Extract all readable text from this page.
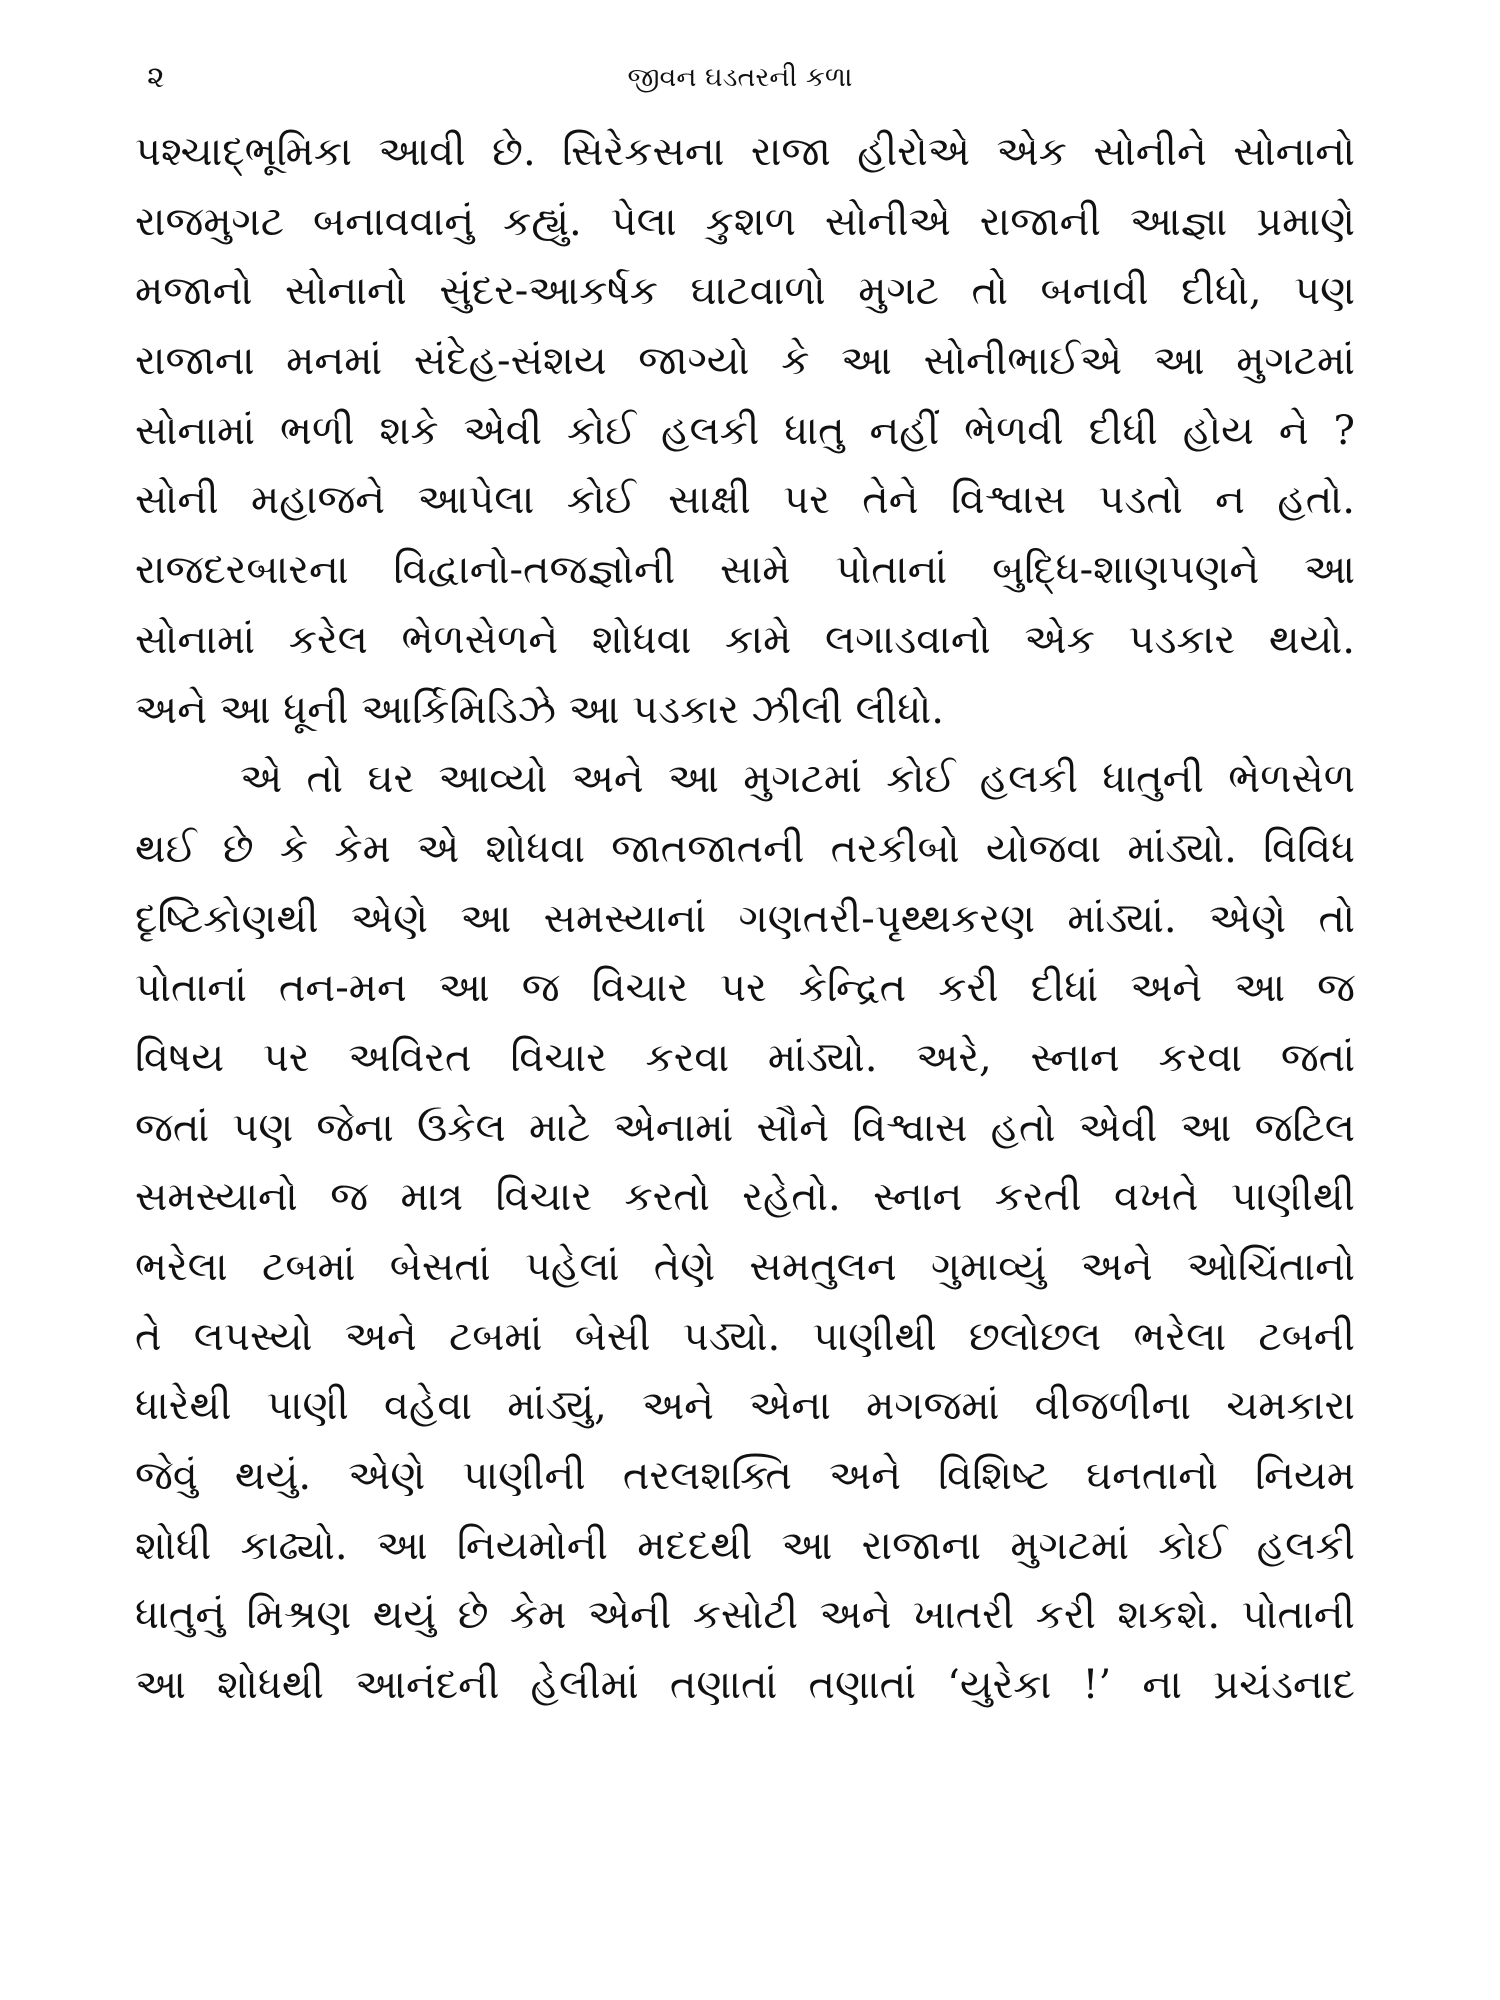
૨	જીવન ઘડતરની કળા
પશ્ચાદ્ભૂમિકા આવી છે. સિરેકસના રાજા હીરોએ એક સોનીને સોનાનો
રાજમુગટ બનાવવાનું કહ્યું. પેલા કુશળ સોનીએ રાજાની આજ્ઞા પ્રમાણે
મજાનો સોનાનો સુંદર-આકર્ષક ઘાટવાળો મુગટ તો બનાવી દીધો, પણ
રાજાના મનમાં સંદેહ-સંશય જાગ્યો કે આ સોનીભાઈએ આ મુગટમાં
સોનામાં ભળી શકે એવી કોઈ હલકી ધાતુ નહીં ભેળવી દીધી હોય ને ?
સોની મહાજને આપેલા કોઈ સાક્ષી પર તેને વિશ્વાસ પડતો ન હતો.
રાજદરબારના વિદ્વાનો-તજજ્ઞોની સામે પોતાનાં બુદ્ધિ-શાણપણને આ
સોનામાં કરેલ ભેળસેળને શોધવા કામે લગાડવાનો એક પડકાર થયો.
અને આ ધૂની આર્કિમિડિઝે આ પડકાર ઝીલી લીધો.
એ તો ઘર આવ્યો અને આ મુગટમાં કોઈ હલકી ધાતુની ભેળસેળ
થઈ છે કે કેમ એ શોધવા જાતજાતની તરકીબો યોજવા માંડ્યો. વિવિધ
દૃષ્ટિકોણથી એણે આ સમસ્યાનાં ગણતરી-પૃથ્થકરણ માંડ્યાં. એણે તો
પોતાનાં તન-મન આ જ વિચાર પર કેન્દ્રિત કરી દીધાં અને આ જ
વિષય પર અવિરત વિચાર કરવા માંડ્યો. અરે, સ્નાન કરવા જતાં
જતાં પણ જેના ઉકેલ માટે એનામાં સૌને વિશ્વાસ હતો એવી આ જટિલ
સમસ્યાનો જ માત્ર વિચાર કરતો રહેતો. સ્નાન કરતી વખતે પાણીથી
ભરેલા ટબમાં બેસતાં પહેલાં તેણે સમતુલન ગુમાવ્યું અને ઓચિંતાનો
તે લપસ્યો અને ટબમાં બેસી પડ્યો. પાણીથી છલોછલ ભરેલા ટબની
ધારેથી પાણી વહેવા માંડ્યું, અને એના મગજમાં વીજળીના ચમકારા
જેવું થયું. એણે પાણીની તરલશક્તિ અને વિશિષ્ટ ઘનતાનો નિયમ
શોધી કાઢ્યો. આ નિયમોની મદદથી આ રાજાના મુગટમાં કોઈ હલકી
ધાતુનું મિશ્રણ થયું છે કેમ એની કસોટી અને ખાતરી કરી શકશે. પોતાની
આ શોધથી આનંદની હેલીમાં તણાતાં તણાતાં ‘યુરેકા !’ ના પ્રચંડનાદ
